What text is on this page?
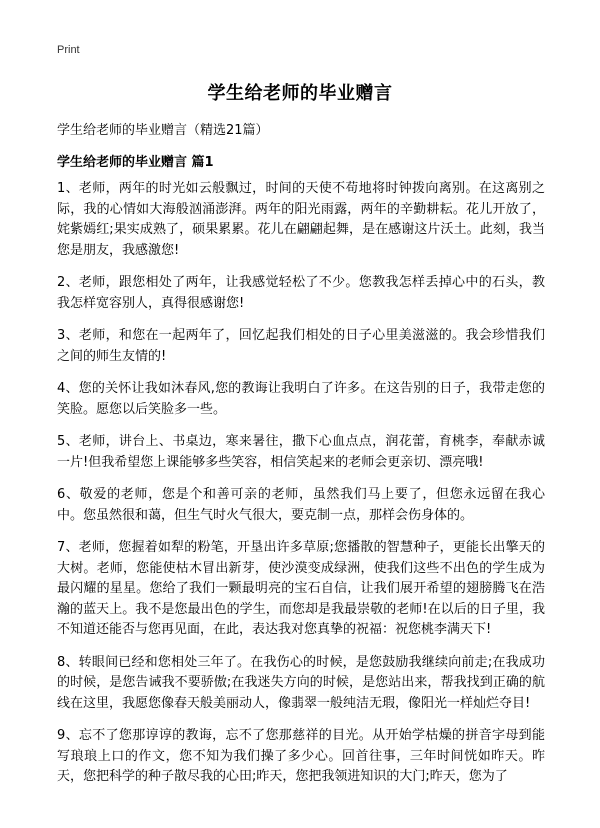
Print
学生给老师的毕业赠言
学生给老师的毕业赠言（精选21篇）
学生给老师的毕业赠言 篇1

1、老师，两年的时光如云般飘过，时间的天使不苟地将时钟拨向离别。在这离别之际，我的心情如大海般汹涌澎湃。两年的阳光雨露，两年的辛勤耕耘。花儿开放了，姹紫嫣红;果实成熟了，硕果累累。花儿在翩翩起舞，是在感谢这片沃土。此刻，我当您是朋友，我感激您!

2、老师，跟您相处了两年，让我感觉轻松了不少。您教我怎样丢掉心中的石头，教我怎样宽容别人，真得很感谢您!

3、老师，和您在一起两年了，回忆起我们相处的日子心里美滋滋的。我会珍惜我们之间的师生友情的!

4、您的关怀让我如沐春风,您的教诲让我明白了许多。在这告别的日子，我带走您的笑脸。愿您以后笑脸多一些。

5、老师，讲台上、书桌边，寒来暑往，撒下心血点点，润花蕾，育桃李，奉献赤诚一片!但我希望您上课能够多些笑容，相信笑起来的老师会更亲切、漂亮哦!

6、敬爱的老师，您是个和善可亲的老师，虽然我们马上要了，但您永远留在我心中。您虽然很和蔼，但生气时火气很大，要克制一点，那样会伤身体的。

7、老师，您握着如犁的粉笔，开垦出许多草原;您播散的智慧种子，更能长出擎天的大树。老师，您能使枯木冒出新芽，使沙漠变成绿洲，使我们这些不出色的学生成为最闪耀的星星。您给了我们一颗最明亮的宝石自信，让我们展开希望的翅膀腾飞在浩瀚的蓝天上。我不是您最出色的学生，而您却是我最崇敬的老师!在以后的日子里，我不知道还能否与您再见面，在此，表达我对您真挚的祝福：祝您桃李满天下!

8、转眼间已经和您相处三年了。在我伤心的时候，是您鼓励我继续向前走;在我成功的时候，是您告诫我不要骄傲;在我迷失方向的时候，是您站出来，帮我找到正确的航线在这里，我愿您像春天般美丽动人，像翡翠一般纯洁无瑕，像阳光一样灿烂夺目!

9、忘不了您那谆谆的教诲，忘不了您那慈祥的目光。从开始学枯燥的拼音字母到能写琅琅上口的作文，您不知为我们操了多少心。回首往事，三年时间恍如昨天。昨天，您把科学的种子散尽我的心田;昨天，您把我领进知识的大门;昨天，您为了
